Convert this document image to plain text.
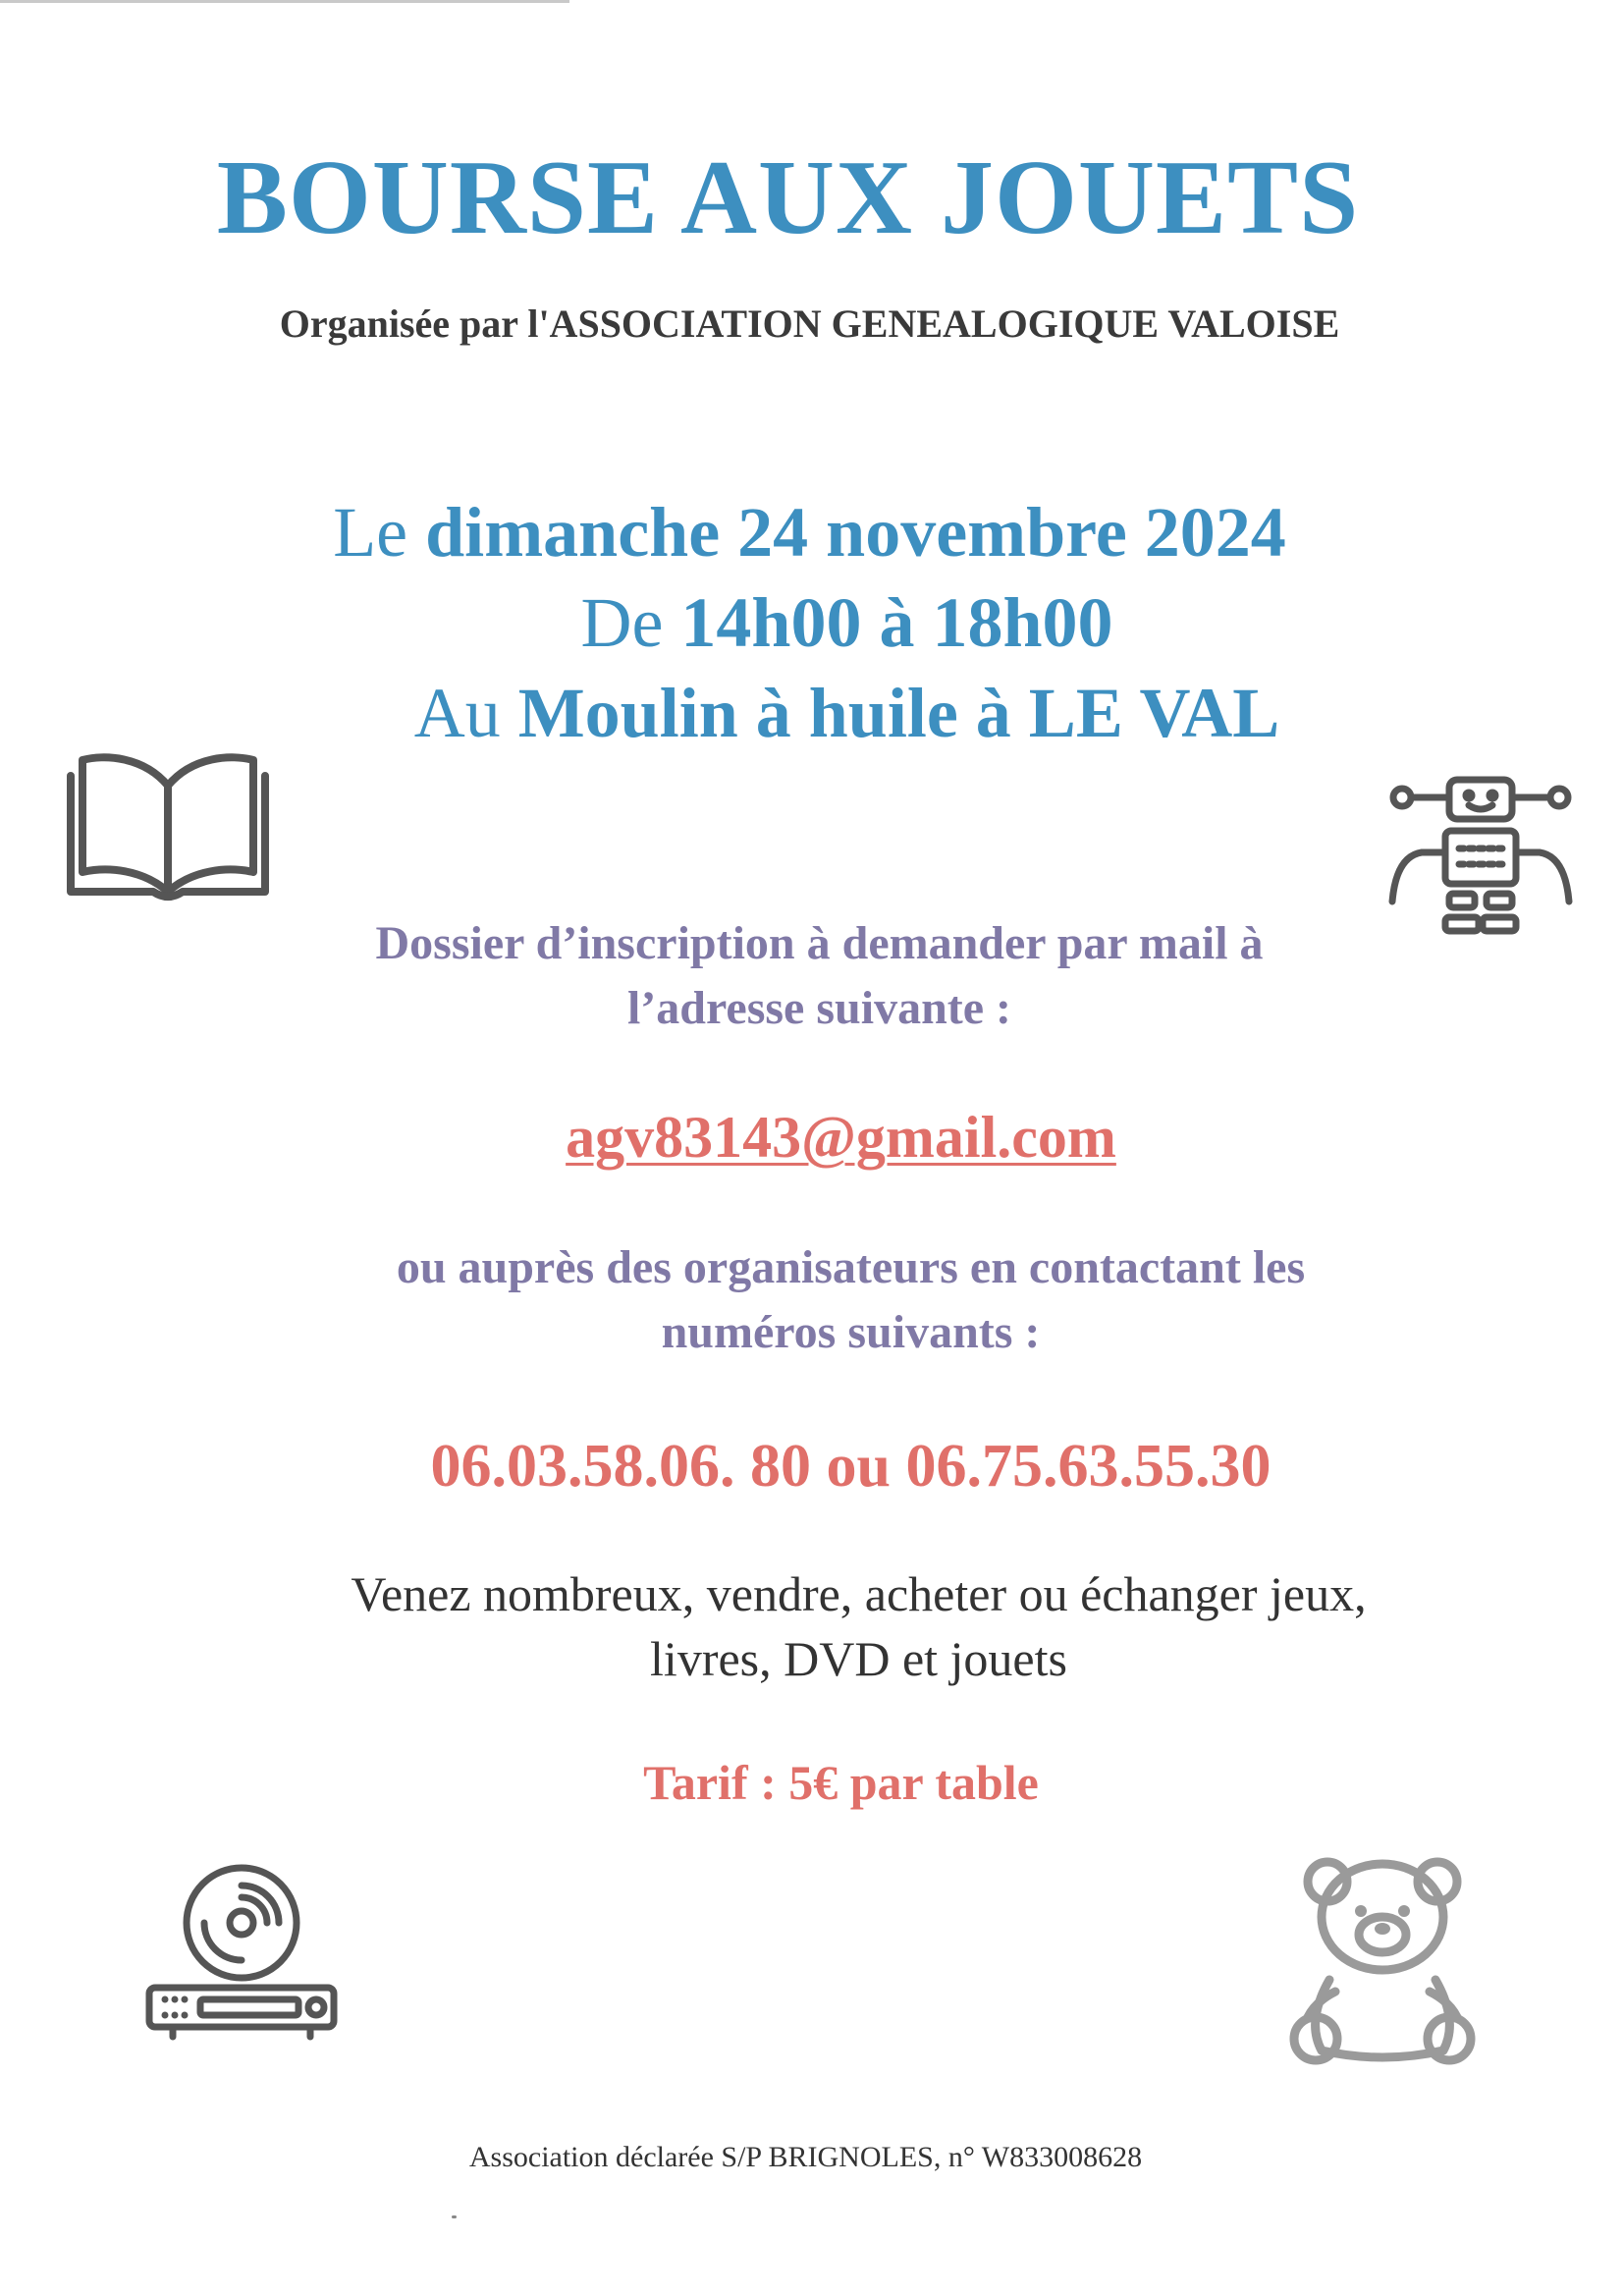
BOURSE AUX JOUETS
Organisée par l'ASSOCIATION GENEALOGIQUE VALOISE
Le dimanche 24 novembre 2024
De 14h00 à 18h00
Au Moulin à huile à LE VAL
Dossier d’inscription à demander par mail à
l’adresse suivante :
agv83143@gmail.com
ou auprès des organisateurs en contactant les
numéros suivants :
06.03.58.06. 80 ou 06.75.63.55.30
Venez nombreux, vendre, acheter ou échanger jeux,
livres, DVD et jouets
Tarif : 5€ par table
Association déclarée S/P BRIGNOLES, n° W833008628
